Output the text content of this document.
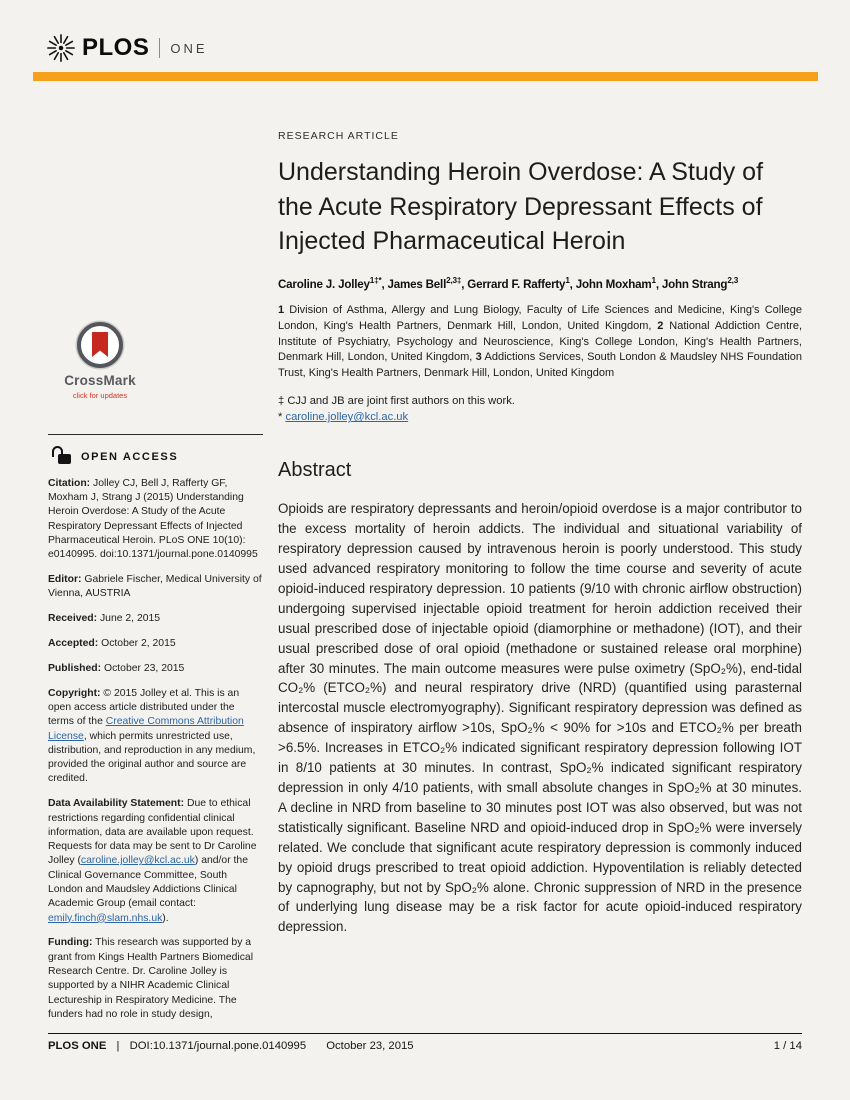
PLOS ONE
CrossMark
click for updates
OPEN ACCESS

Citation: Jolley CJ, Bell J, Rafferty GF, Moxham J, Strang J (2015) Understanding Heroin Overdose: A Study of the Acute Respiratory Depressant Effects of Injected Pharmaceutical Heroin. PLoS ONE 10(10): e0140995. doi:10.1371/journal.pone.0140995

Editor: Gabriele Fischer, Medical University of Vienna, AUSTRIA

Received: June 2, 2015

Accepted: October 2, 2015

Published: October 23, 2015

Copyright: © 2015 Jolley et al. This is an open access article distributed under the terms of the Creative Commons Attribution License, which permits unrestricted use, distribution, and reproduction in any medium, provided the original author and source are credited.

Data Availability Statement: Due to ethical restrictions regarding confidential clinical information, data are available upon request. Requests for data may be sent to Dr Caroline Jolley (caroline.jolley@kcl.ac.uk) and/or the Clinical Governance Committee, South London and Maudsley Addictions Clinical Academic Group (email contact: emily.finch@slam.nhs.uk).

Funding: This research was supported by a grant from Kings Health Partners Biomedical Research Centre. Dr. Caroline Jolley is supported by a NIHR Academic Clinical Lectureship in Respiratory Medicine. The funders had no role in study design,

RESEARCH ARTICLE
Understanding Heroin Overdose: A Study of the Acute Respiratory Depressant Effects of Injected Pharmaceutical Heroin

Caroline J. Jolley$^{1\ddagger*}$, James Bell$^{2,3\ddagger}$, Gerrard F. Rafferty$^1$, John Moxham$^1$, John Strang$^{2,3}$

1 Division of Asthma, Allergy and Lung Biology, Faculty of Life Sciences and Medicine, King's College London, King's Health Partners, Denmark Hill, London, United Kingdom, 2 National Addiction Centre, Institute of Psychiatry, Psychology and Neuroscience, King's College London, King's Health Partners, Denmark Hill, London, United Kingdom, 3 Addictions Services, South London & Maudsley NHS Foundation Trust, King's Health Partners, Denmark Hill, London, United Kingdom

‡ CJJ and JB are joint first authors on this work.

* caroline.jolley@kcl.ac.uk

Abstract

Opioids are respiratory depressants and heroin/opioid overdose is a major contributor to the excess mortality of heroin addicts. The individual and situational variability of respiratory depression caused by intravenous heroin is poorly understood. This study used advanced respiratory monitoring to follow the time course and severity of acute opioid-induced respiratory depression. 10 patients (9/10 with chronic airflow obstruction) undergoing supervised injectable opioid treatment for heroin addiction received their usual prescribed dose of injectable opioid (diamorphine or methadone) (IOT), and their usual prescribed dose of oral opioid (methadone or sustained release oral morphine) after 30 minutes. The main outcome measures were pulse oximetry (SpO₂%), end-tidal CO₂% (ETCO₂%) and neural respiratory drive (NRD) (quantified using parasternal intercostal muscle electromyography). Significant respiratory depression was defined as absence of inspiratory airflow >10s, SpO₂% < 90% for >10s and ETCO₂% per breath >6.5%. Increases in ETCO₂% indicated significant respiratory depression following IOT in 8/10 patients at 30 minutes. In contrast, SpO₂% indicated significant respiratory depression in only 4/10 patients, with small absolute changes in SpO₂% at 30 minutes. A decline in NRD from baseline to 30 minutes post IOT was also observed, but was not statistically significant. Baseline NRD and opioid-induced drop in SpO₂% were inversely related. We conclude that significant acute respiratory depression is commonly induced by opioid drugs prescribed to treat opioid addiction. Hypoventilation is reliably detected by capnography, but not by SpO₂% alone. Chronic suppression of NRD in the presence of underlying lung disease may be a risk factor for acute opioid-induced respiratory depression.

PLOS ONE | DOI:10.1371/journal.pone.0140995 October 23, 2015	1 / 14
